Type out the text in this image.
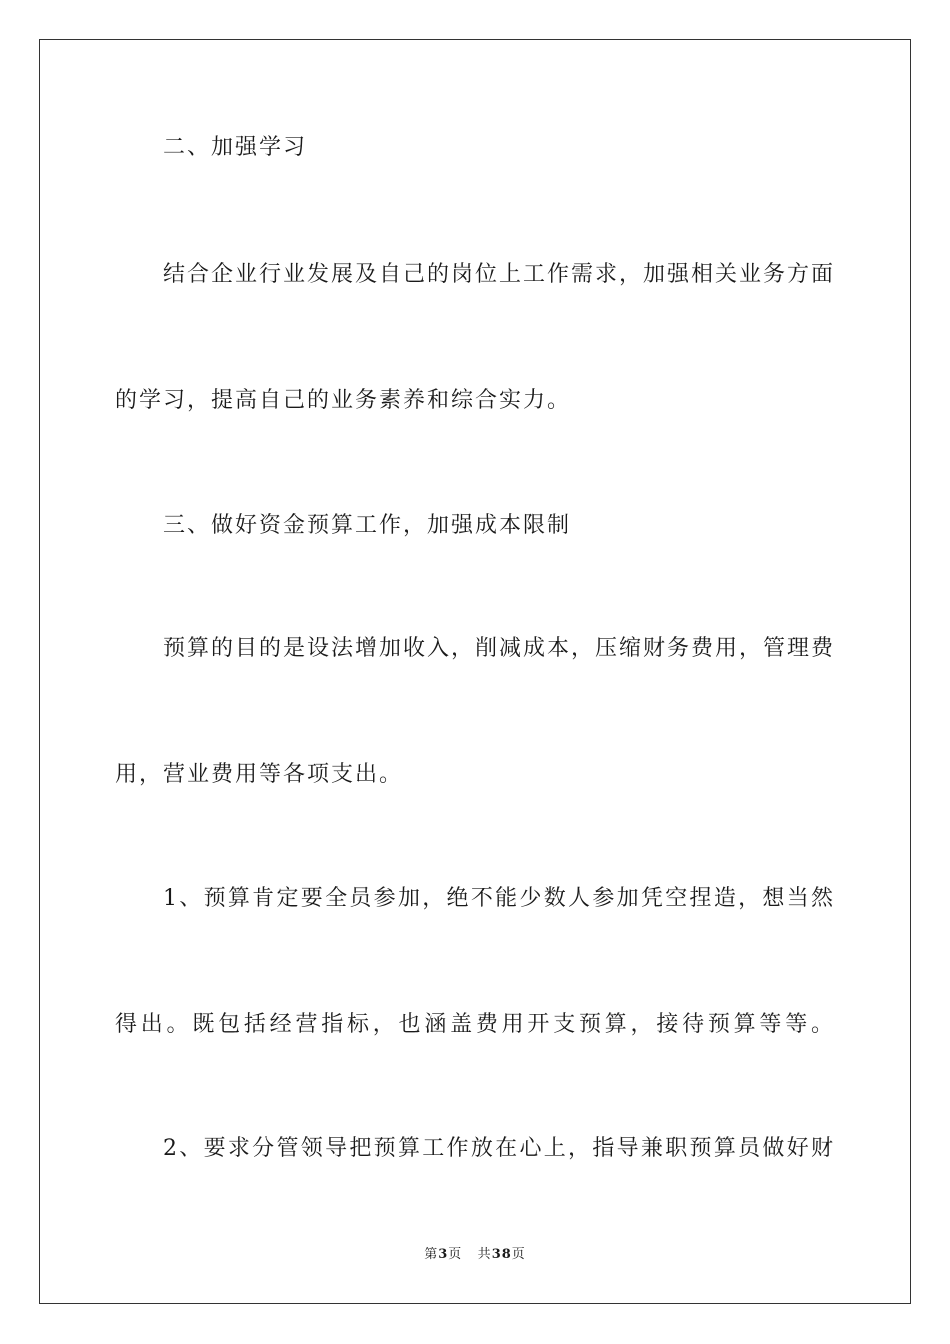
二、加强学习
结合企业行业发展及自己的岗位上工作需求，加强相关业务方面
的学习，提高自己的业务素养和综合实力。
三、做好资金预算工作，加强成本限制
预算的目的是设法增加收入，削减成本，压缩财务费用，管理费
用，营业费用等各项支出。
1、预算肯定要全员参加，绝不能少数人参加凭空捏造，想当然
得出。既包括经营指标，也涵盖费用开支预算，接待预算等等。
2、要求分管领导把预算工作放在心上，指导兼职预算员做好财
第3页 共38页
